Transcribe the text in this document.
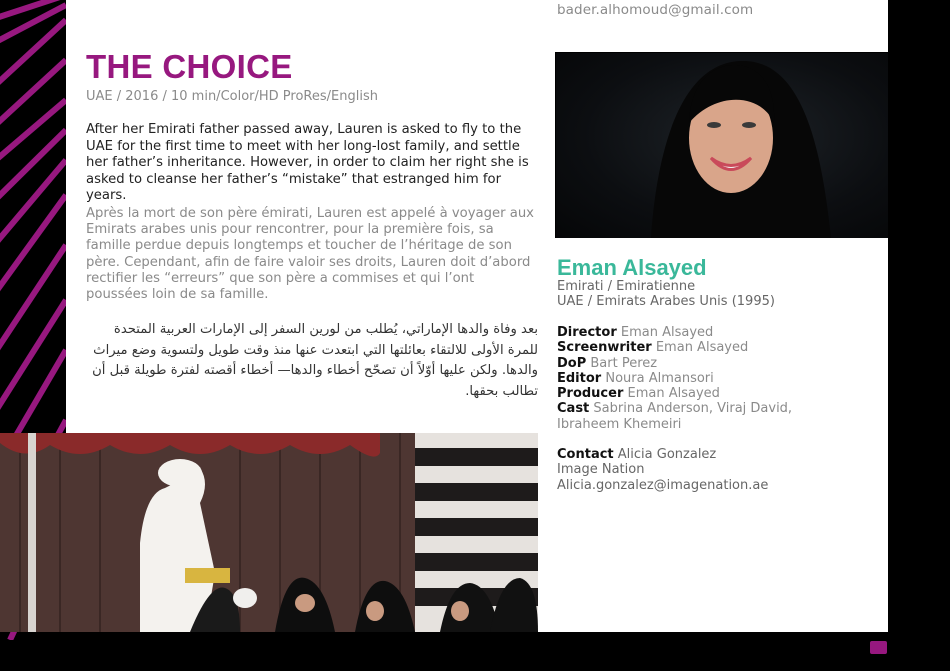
bader.alhomoud@gmail.com
THE CHOICE
UAE / 2016 / 10 min/Color/HD ProRes/English
After her Emirati father passed away, Lauren is asked to fly to the UAE for the first time to meet with her long-lost family, and settle her father’s inheritance. However, in order to claim her right she is asked to cleanse her father’s “mistake” that estranged him for years.
Après la mort de son père émirati, Lauren est appelé à voyager aux Emirats arabes unis pour rencontrer, pour la première fois, sa famille perdue depuis longtemps et toucher de l’héritage de son père. Cependant, afin de faire valoir ses droits, Lauren doit d’abord rectifier les “erreurs” que son père a commises et qui l’ont poussées loin de sa famille.
بعد وفاة والدها الإماراتي، يُطلب من لورين السفر إلى الإمارات العربية المتحدة للمرة الأولى للالتقاء بعائلتها التي ابتعدت عنها منذ وقت طويل ولتسوية وضع ميراث والدها. ولكن عليها أوّلاً أن تصحّح أخطاء والدها— أخطاء أقصته لفترة طويلة قبل أن تطالب بحقها.
Eman Alsayed
Emirati / Emiratienne
UAE / Emirats Arabes Unis (1995)
Director Eman Alsayed
Screenwriter Eman Alsayed
DoP Bart Perez
Editor Noura Almansori
Producer Eman Alsayed
Cast Sabrina Anderson, Viraj David, Ibraheem Khemeiri
Contact Alicia Gonzalez
Image Nation
Alicia.gonzalez@imagenation.ae
